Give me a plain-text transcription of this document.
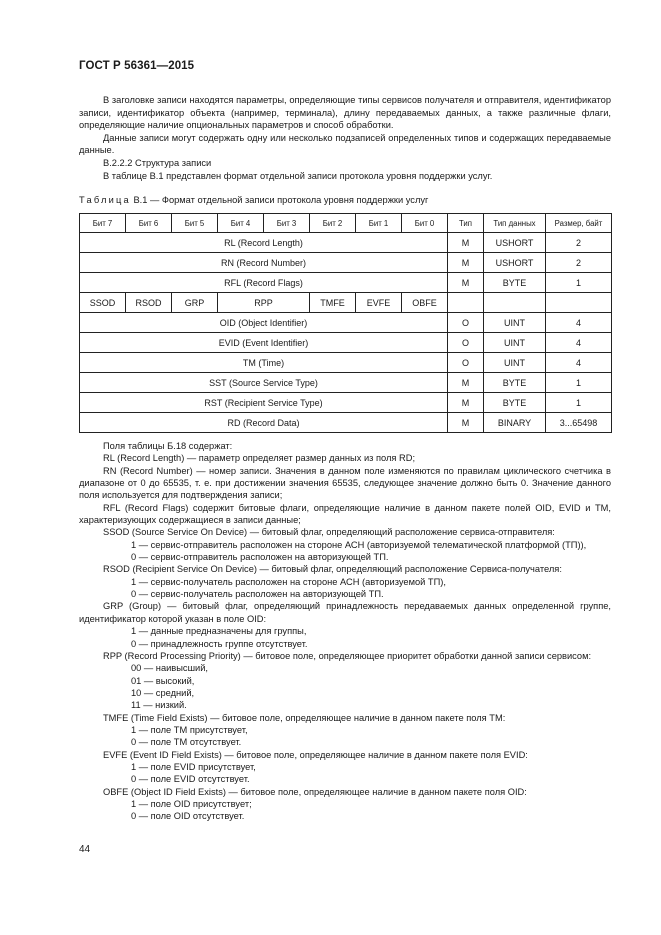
ГОСТ Р 56361—2015

В заголовке записи находятся параметры, определяющие типы сервисов получателя и отправителя, идентификатор записи, идентификатор объекта (например, терминала), длину передаваемых данных, а также различные флаги, определяющие наличие опциональных параметров и способ обработки.

Данные записи могут содержать одну или несколько подзаписей определенных типов и содержащих передаваемые данные.

В.2.2.2 Структура записи

В таблице В.1 представлен формат отдельной записи протокола уровня поддержки услуг.

Таблица В.1 — Формат отдельной записи протокола уровня поддержки услуг
Бит 7	Бит 6	Бит 5	Бит 4	Бит 3	Бит 2	Бит 1	Бит 0	Тип	Тип данных	Размер, байт
RL (Record Length)								M	USHORT	2
RN (Record Number)								M	USHORT	2
RFL (Record Flags)								M	BYTE	1
SSOD	RSOD	GRP	RPP		TMFE	EVFE	OBFE			
OID (Object Identifier)								O	UINT	4
EVID (Event Identifier)								O	UINT	4
TM (Time)								O	UINT	4
SST (Source Service Type)								M	BYTE	1
RST (Recipient Service Type)								M	BYTE	1
RD (Record Data)								M	BINARY	3...65498

Поля таблицы Б.18 содержат:

RL (Record Length) — параметр определяет размер данных из поля RD;

RN (Record Number) — номер записи. Значения в данном поле изменяются по правилам циклического счетчика в диапазоне от 0 до 65535, т. е. при достижении значения 65535, следующее значение должно быть 0. Значение данного поля используется для подтверждения записи;

RFL (Record Flags) содержит битовые флаги, определяющие наличие в данном пакете полей OID, EVID и TM, характеризующих содержащиеся в записи данные;

SSOD (Source Service On Device) — битовый флаг, определяющий расположение сервиса-отправителя:

1 — сервис-отправитель расположен на стороне АСН (авторизуемой телематической платформой (ТП)),

0 — сервис-отправитель расположен на авторизующей ТП.

RSOD (Recipient Service On Device) — битовый флаг, определяющий расположение Сервиса-получателя:

1 — сервис-получатель расположен на стороне АСН (авторизуемой ТП),

0 — сервис-получатель расположен на авторизующей ТП.

GRP (Group) — битовый флаг, определяющий принадлежность передаваемых данных определенной группе, идентификатор которой указан в поле OID:

1 — данные предназначены для группы,

0 — принадлежность группе отсутствует.

RPP (Record Processing Priority) — битовое поле, определяющее приоритет обработки данной записи сервисом:

00 — наивысший,

01 — высокий,

10 — средний,

11 — низкий.

TMFE (Time Field Exists) — битовое поле, определяющее наличие в данном пакете поля TM:

1 — поле TM присутствует,

0 — поле TM отсутствует.

EVFE (Event ID Field Exists) — битовое поле, определяющее наличие в данном пакете поля EVID:

1 — поле EVID присутствует,

0 — поле EVID отсутствует.

OBFE (Object ID Field Exists) — битовое поле, определяющее наличие в данном пакете поля OID:

1 — поле OID присутствует;

0 — поле OID отсутствует.

44
